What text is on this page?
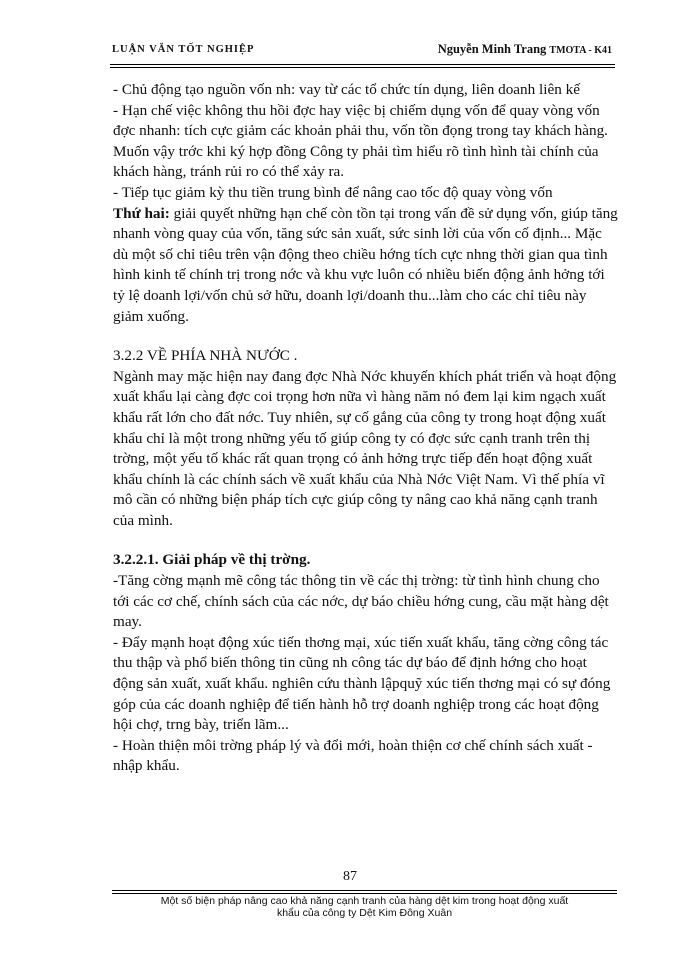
LUẬN VĂN TỐT NGHIỆP	Nguyễn Minh Trang TMOTA - K41

- Chủ động tạo nguồn vốn nh: vay từ các tổ chức tín dụng, liên doanh liên kế

- Hạn chế việc không thu hồi đợc hay việc bị chiếm dụng vốn để quay vòng vốn đợc nhanh: tích cực giảm các khoản phải thu, vốn tồn đọng trong tay khách hàng. Muốn vậy trớc khi ký hợp đồng Công ty phải tìm hiểu rõ tình hình tài chính của khách hàng, tránh rủi ro có thể xảy ra.

- Tiếp tục giảm kỳ thu tiền trung bình để nâng cao tốc độ quay vòng vốn

Thứ hai: giải quyết những hạn chế còn tồn tại trong vấn đề sử dụng vốn, giúp tăng nhanh vòng quay của vốn, tăng sức sản xuất, sức sinh lời của vốn cố định... Mặc dù một số chỉ tiêu trên vận động theo chiều hớng tích cực nhng thời gian qua tình hình kinh tế chính trị trong nớc và khu vực luôn có nhiều biến động ảnh hởng tới tỷ lệ doanh lợi/vốn chủ sở hữu, doanh lợi/doanh thu...làm cho các chỉ tiêu này giảm xuống.

3.2.2 VỀ PHÍA NHÀ NƯỚC .

Ngành may mặc hiện nay đang đợc Nhà Nớc khuyến khích phát triển và hoạt động xuất khẩu lại càng đợc coi trọng hơn nữa vì hàng năm nó đem lại kim ngạch xuất khẩu rất lớn cho đất nớc. Tuy nhiên, sự cố gắng của công ty trong hoạt động xuất khẩu chỉ là một trong những yếu tố giúp công ty có đợc sức cạnh tranh trên thị trờng, một yếu tố khác rất quan trọng có ảnh hởng trực tiếp đến hoạt động xuất khẩu chính là các chính sách về xuất khẩu của Nhà Nớc Việt Nam. Vì thế phía vĩ mô cần có những biện pháp tích cực giúp công ty nâng cao khả năng cạnh tranh của mình.

3.2.2.1. Giải pháp về thị trờng.

-Tăng cờng mạnh mẽ công tác thông tin về các thị trờng: từ tình hình chung cho tới các cơ chế, chính sách của các nớc, dự báo chiều hớng cung, cầu mặt hàng dệt may.

- Đẩy mạnh hoạt động xúc tiến thơng mại, xúc tiến xuất khẩu, tăng cờng công tác thu thập và phổ biến thông tin cũng nh công tác dự báo để định hớng cho hoạt động sản xuất, xuất khẩu. nghiên cứu thành lậpquỹ xúc tiến thơng mại có sự đóng góp của các doanh nghiệp để tiến hành hỗ trợ doanh nghiệp trong các hoạt động hội chợ, trng bày, triển lãm...

- Hoàn thiện môi trờng pháp lý và đổi mới, hoàn thiện cơ chế chính sách xuất - nhập khẩu.

87
Một số biện pháp nâng cao khả năng cạnh tranh của hàng dệt kim trong hoạt động xuất
khẩu của công ty Dệt Kim Đông Xuân
